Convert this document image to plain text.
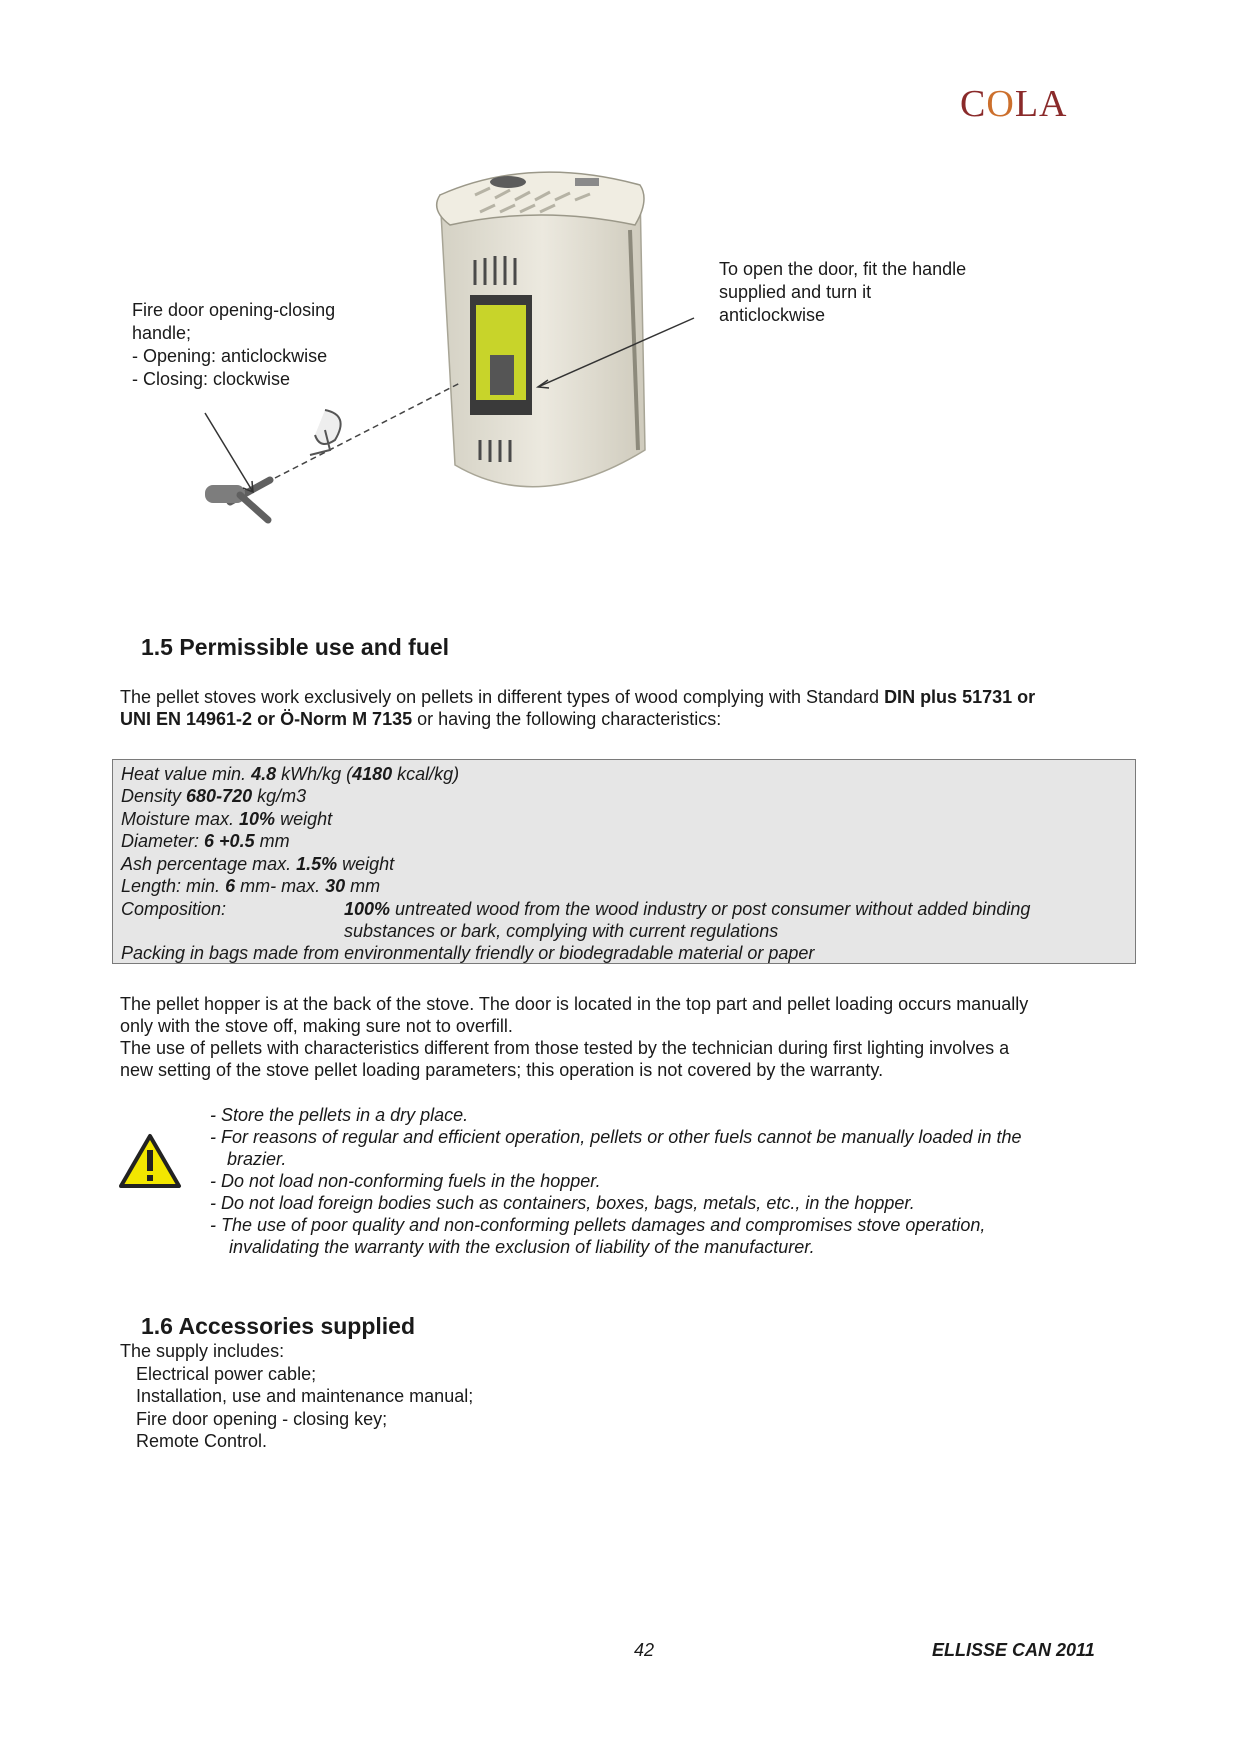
COLA
Fire door opening-closing
handle;
- Opening: anticlockwise
- Closing: clockwise
To open the door, fit the handle
supplied and turn it
anticlockwise
1.5 Permissible use and fuel
The pellet stoves work exclusively on pellets in different types of wood complying with Standard DIN plus 51731 or
UNI EN 14961-2 or Ö-Norm M 7135 or having the following characteristics:
Heat value min. 4.8 kWh/kg (4180 kcal/kg)
Density 680-720 kg/m3
Moisture max. 10% weight
Diameter: 6 +0.5 mm
Ash percentage max. 1.5% weight
Length: min. 6 mm- max. 30 mm
Composition:	100% untreated wood from the wood industry or post consumer without added binding
substances or bark, complying with current regulations
Packing in bags made from environmentally friendly or biodegradable material or paper
The pellet hopper is at the back of the stove. The door is located in the top part and pellet loading occurs manually
only with the stove off, making sure not to overfill.
The use of pellets with characteristics different from those tested by the technician during first lighting involves a
new setting of the stove pellet loading parameters; this operation is not covered by the warranty.
- Store the pellets in a dry place.
- For reasons of regular and efficient operation, pellets or other fuels cannot be manually loaded in the
brazier.
- Do not load non-conforming fuels in the hopper.
- Do not load foreign bodies such as containers, boxes, bags, metals, etc., in the hopper.
- The use of poor quality and non-conforming pellets damages and compromises stove operation,
invalidating the warranty with the exclusion of liability of the manufacturer.
1.6 Accessories supplied
The supply includes:
Electrical power cable;
Installation, use and maintenance manual;
Fire door opening - closing key;
Remote Control.
42	ELLISSE CAN 2011
